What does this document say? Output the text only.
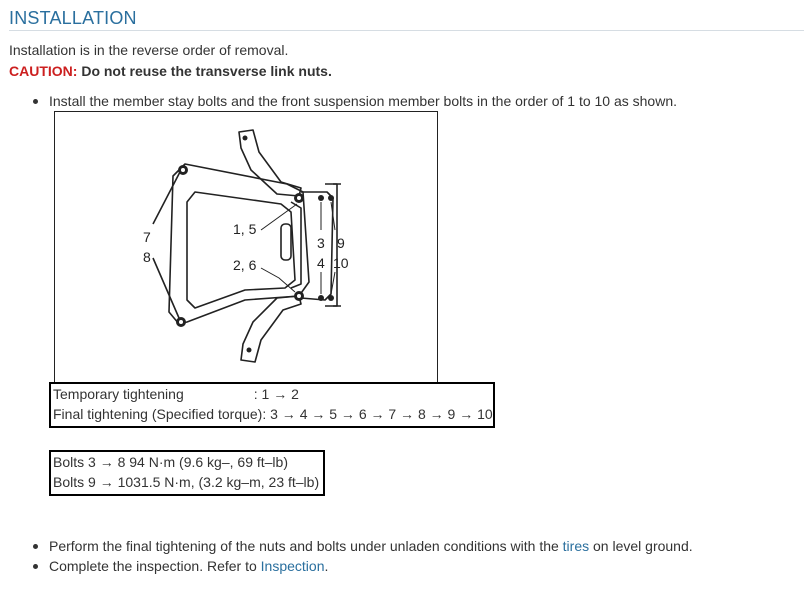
INSTALLATION
Installation is in the reverse order of removal.
CAUTION: Do not reuse the transverse link nuts.
Install the member stay bolts and the front suspension member bolts in the order of 1 to 10 as shown.
1, 5
2, 6
7
8
3 9
4 10
Temporary tightening                  : 1 → 2
Final tightening (Specified torque): 3 → 4 → 5 → 6 → 7 → 8 → 9 → 10
Bolts 3 → 8 94 N·m (9.6 kg–, 69 ft–lb)
Bolts 9 → 1031.5 N·m, (3.2 kg–m, 23 ft–lb)
Perform the final tightening of the nuts and bolts under unladen conditions with the tires on level ground.
Complete the inspection. Refer to Inspection.
